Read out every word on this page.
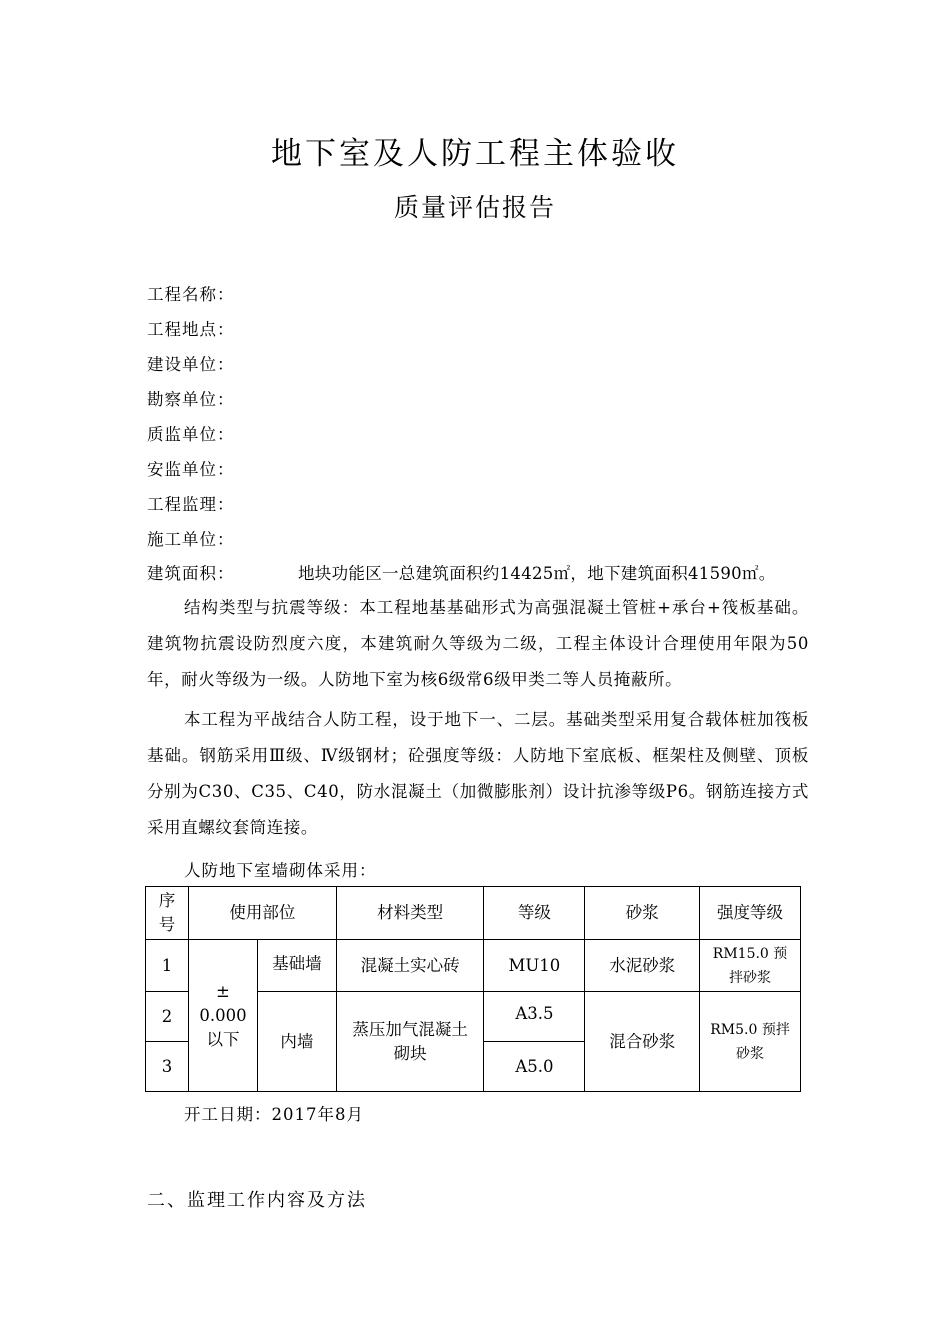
地下室及人防工程主体验收
质量评估报告
工程名称：
工程地点：
建设单位：
勘察单位：
质监单位：
安监单位：
工程监理：
施工单位：
建筑面积：	地块功能区一总建筑面积约14425㎡，地下建筑面积41590㎡。
结构类型与抗震等级：本工程地基基础形式为高强混凝土管桩+承台+筏板基础。建筑物抗震设防烈度六度，本建筑耐久等级为二级，工程主体设计合理使用年限为50年，耐火等级为一级。人防地下室为核6级常6级甲类二等人员掩蔽所。
本工程为平战结合人防工程，设于地下一、二层。基础类型采用复合载体桩加筏板基础。钢筋采用Ⅲ级、Ⅳ级钢材；砼强度等级：人防地下室底板、框架柱及侧壁、顶板分别为C30、C35、C40，防水混凝土（加微膨胀剂）设计抗渗等级P6。钢筋连接方式采用直螺纹套筒连接。
人防地下室墙砌体采用：
序号	使用部位		材料类型	等级	砂浆	强度等级
1	±
0.000
以下	基础墙	混凝土实心砖	MU10	水泥砂浆	RM15.0 预拌砂浆
2		内墙	蒸压加气混凝土砌块	A3.5	混合砂浆	RM5.0 预拌砂浆
3				A5.0		
开工日期：2017年8月
二、监理工作内容及方法
